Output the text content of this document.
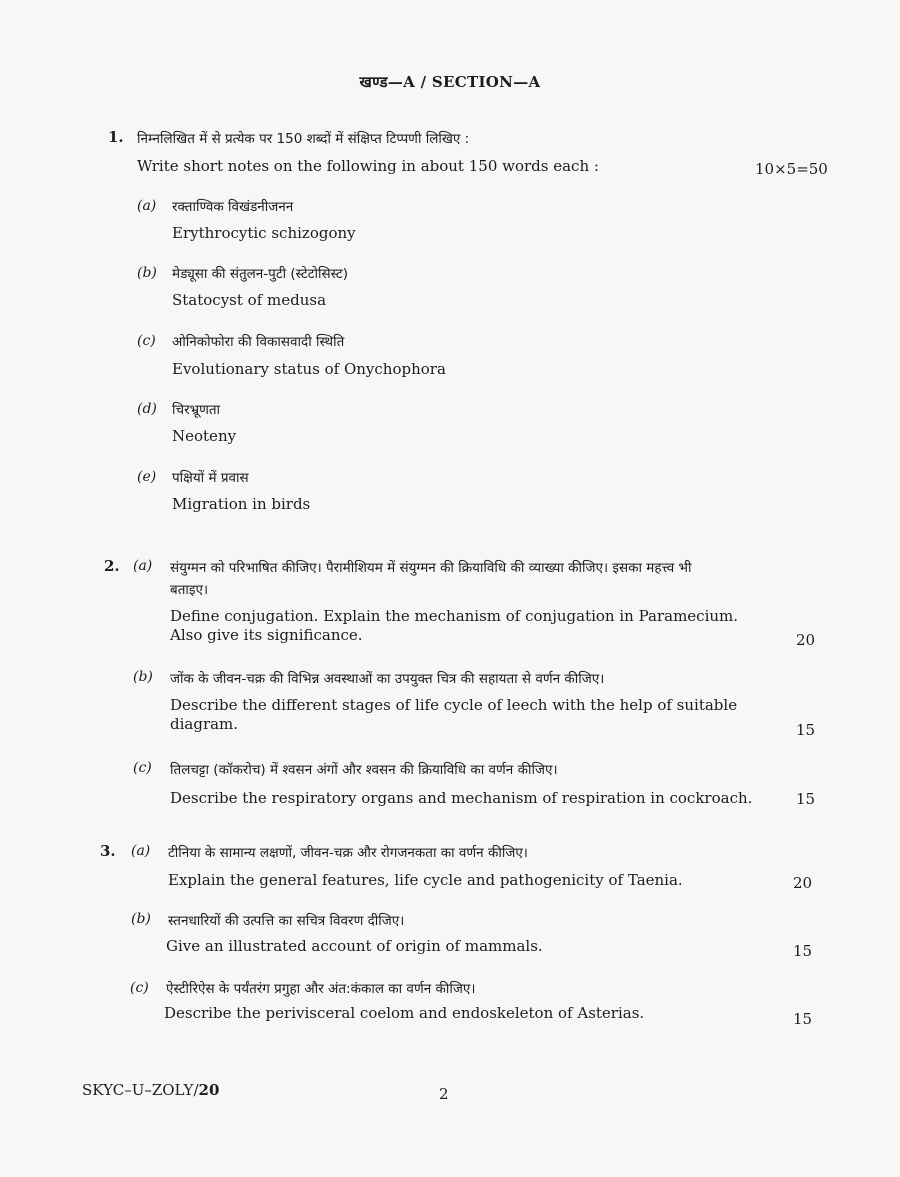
खण्ड—A / SECTION—A
1. निम्नलिखित में से प्रत्येक पर 150 शब्दों में संक्षिप्त टिप्पणी लिखिए :
Write short notes on the following in about 150 words each :	10×5=50
(a) रक्ताण्विक विखंडनीजनन
Erythrocytic schizogony
(b) मेड्यूसा की संतुलन-पुटी (स्टेटोसिस्ट)
Statocyst of medusa
(c) ओनिकोफोरा की विकासवादी स्थिति
Evolutionary status of Onychophora
(d) चिरभ्रूणता
Neoteny
(e) पक्षियों में प्रवास
Migration in birds
2. (a) संयुग्मन को परिभाषित कीजिए। पैरामीशियम में संयुग्मन की क्रियाविधि की व्याख्या कीजिए। इसका महत्त्व भी
बताइए।
Define conjugation. Explain the mechanism of conjugation in Paramecium.
Also give its significance.	20
(b) जोंक के जीवन-चक्र की विभिन्न अवस्थाओं का उपयुक्त चित्र की सहायता से वर्णन कीजिए।
Describe the different stages of life cycle of leech with the help of suitable
diagram.	15
(c) तिलचट्टा (कॉकरोच) में श्वसन अंगों और श्वसन की क्रियाविधि का वर्णन कीजिए।
Describe the respiratory organs and mechanism of respiration in cockroach.	15
3. (a) टीनिया के सामान्य लक्षणों, जीवन-चक्र और रोगजनकता का वर्णन कीजिए।
Explain the general features, life cycle and pathogenicity of Taenia.	20
(b) स्तनधारियों की उत्पत्ति का सचित्र विवरण दीजिए।
Give an illustrated account of origin of mammals.	15
(c) ऐस्टीरिऐस के पर्यंतरंग प्रगुहा और अंत:कंकाल का वर्णन कीजिए।
Describe the perivisceral coelom and endoskeleton of Asterias.	15
SKYC–U–ZOLY/20	2
